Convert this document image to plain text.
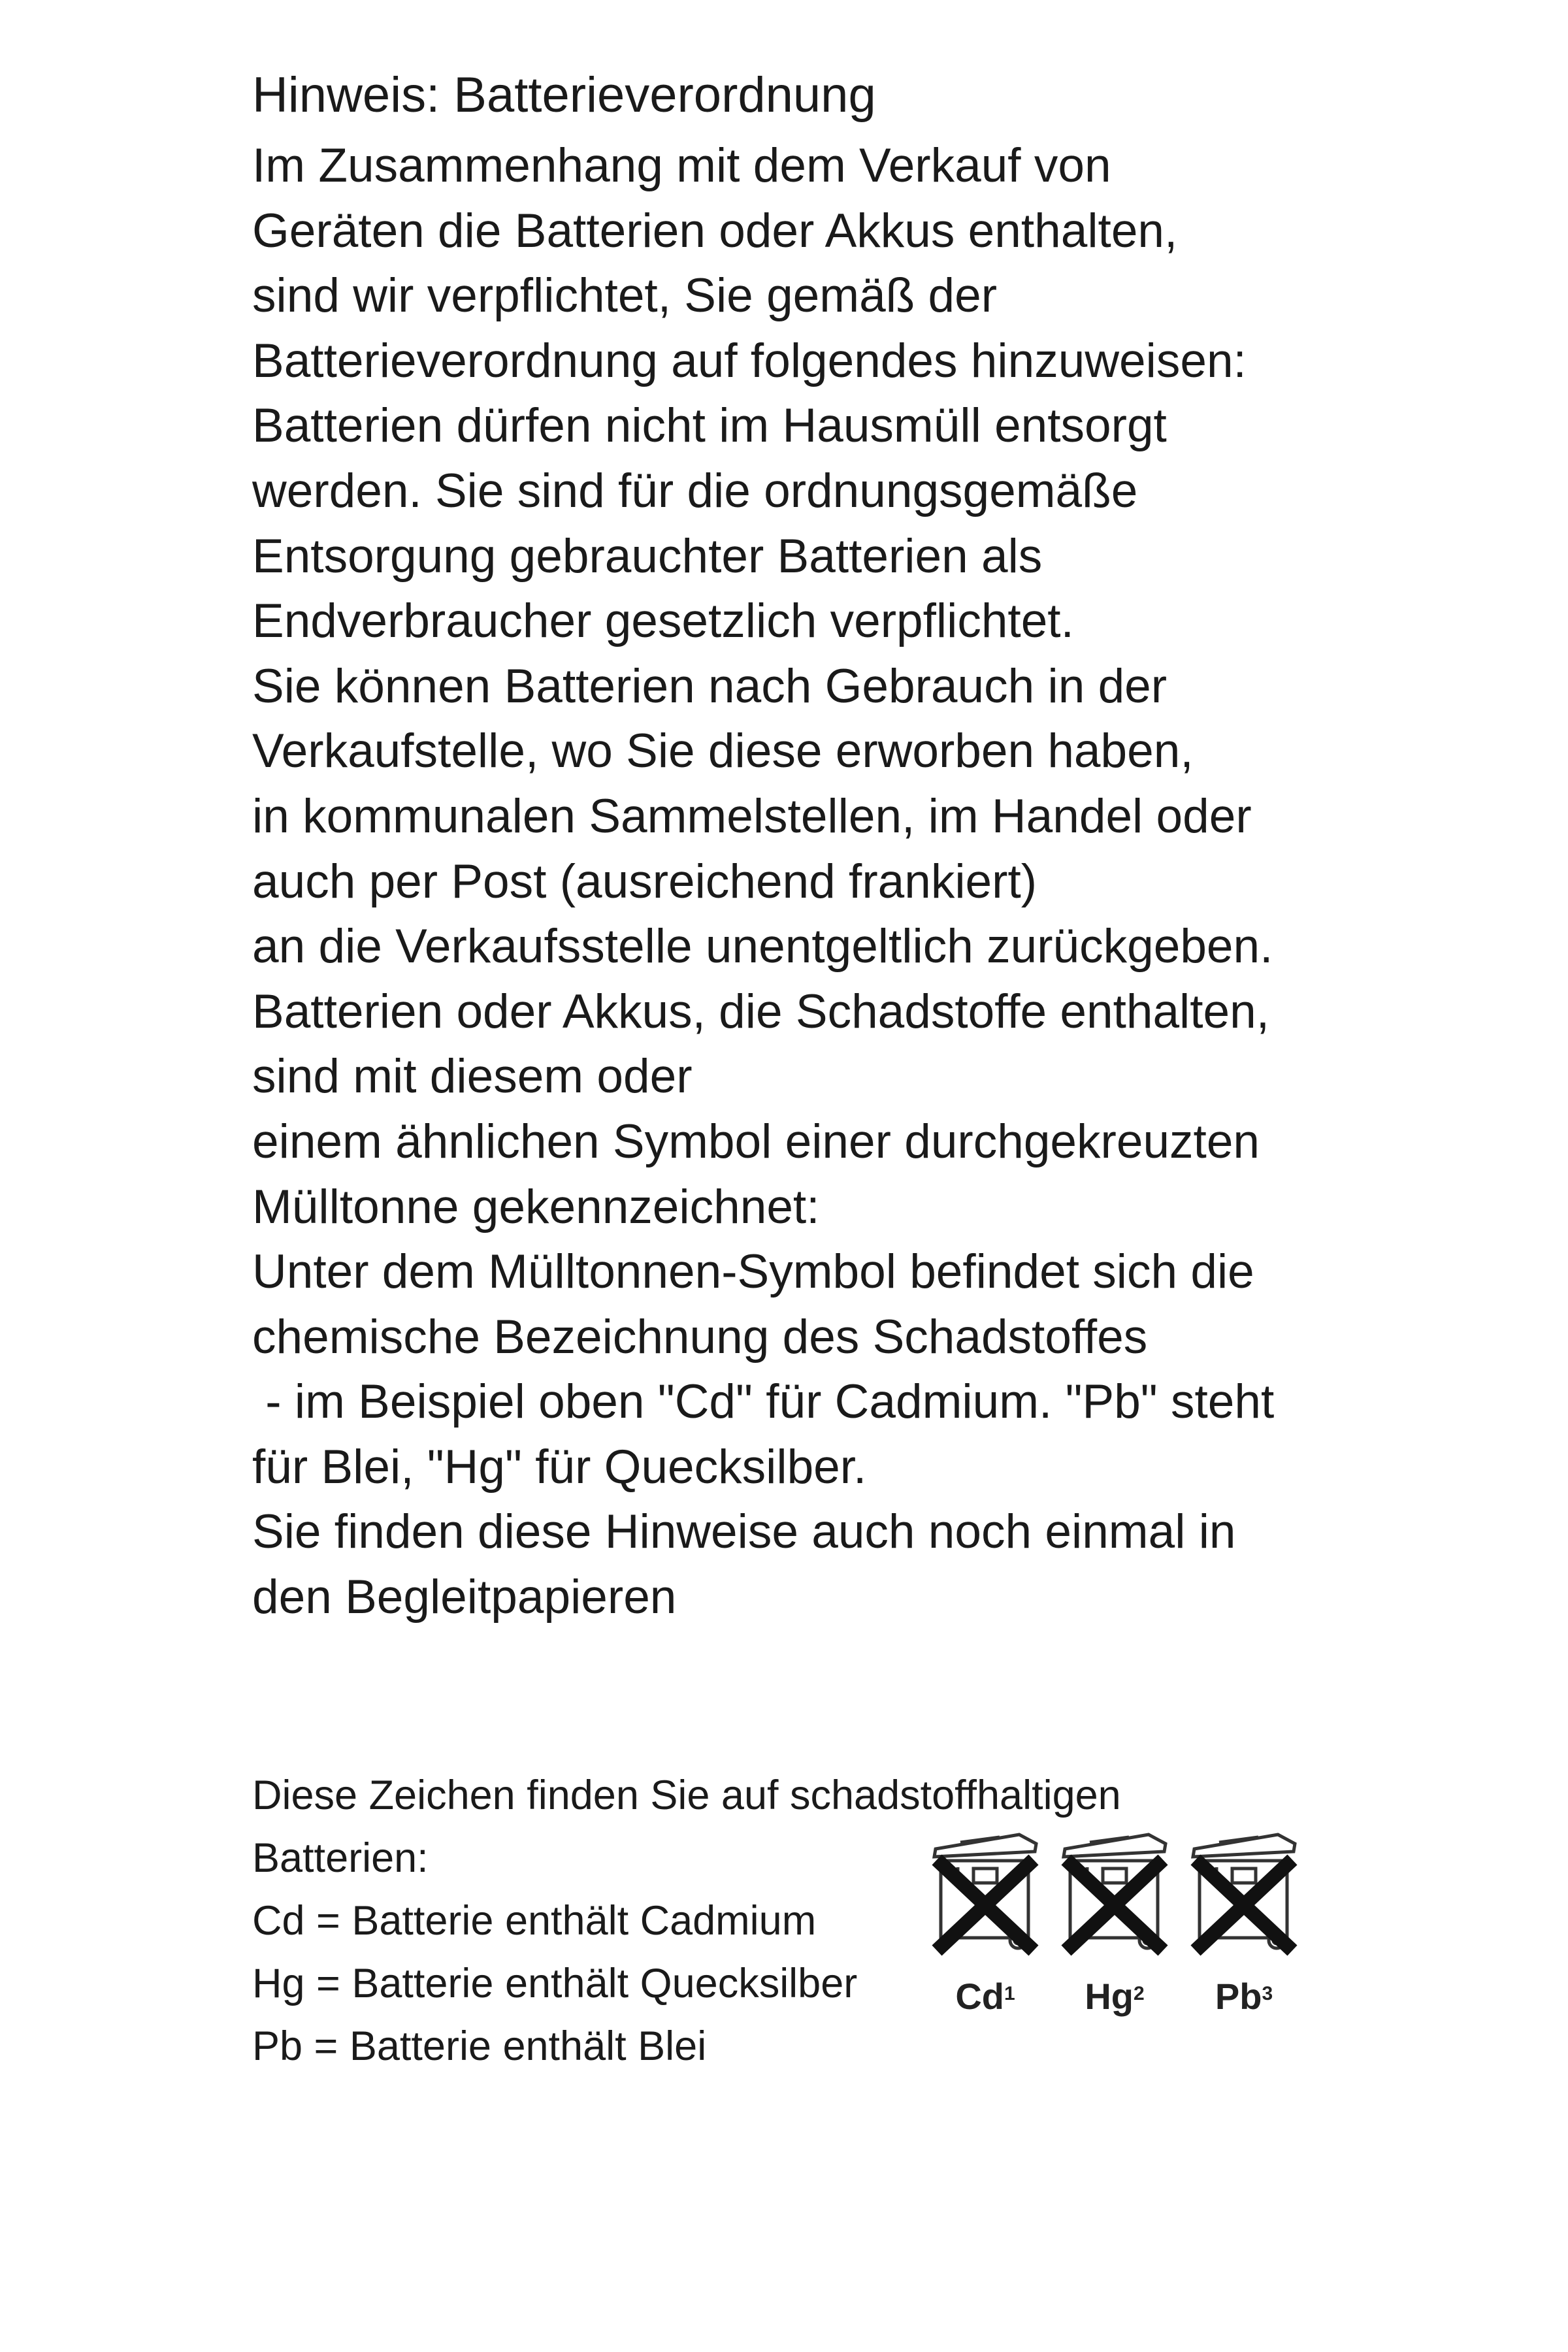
Hinweis: Batterieverordnung
Im Zusammenhang mit dem Verkauf von
Geräten die Batterien oder Akkus enthalten,
sind wir verpflichtet, Sie gemäß der
Batterieverordnung auf folgendes hinzuweisen:
Batterien dürfen nicht im Hausmüll entsorgt
werden. Sie sind für die ordnungsgemäße
Entsorgung gebrauchter Batterien als
Endverbraucher gesetzlich verpflichtet.
Sie können Batterien nach Gebrauch in der
Verkaufstelle, wo Sie diese erworben haben,
in kommunalen Sammelstellen, im Handel oder
auch per Post (ausreichend frankiert)
an die Verkaufsstelle unentgeltlich zurückgeben.
Batterien oder Akkus, die Schadstoffe enthalten,
sind mit diesem oder
einem ähnlichen Symbol einer durchgekreuzten
Mülltonne gekennzeichnet:
Unter dem Mülltonnen-Symbol befindet sich die
chemische Bezeichnung des Schadstoffes
- im Beispiel oben "Cd" für Cadmium. "Pb" steht
für Blei, "Hg" für Quecksilber.
Sie finden diese Hinweise auch noch einmal in
den Begleitpapieren
Diese Zeichen finden Sie auf schadstoffhaltigen
Batterien:
Cd = Batterie enthält Cadmium
Hg = Batterie enthält Quecksilber
Pb = Batterie enthält Blei
Cd$^1$	Hg$^2$	Pb$^3$
